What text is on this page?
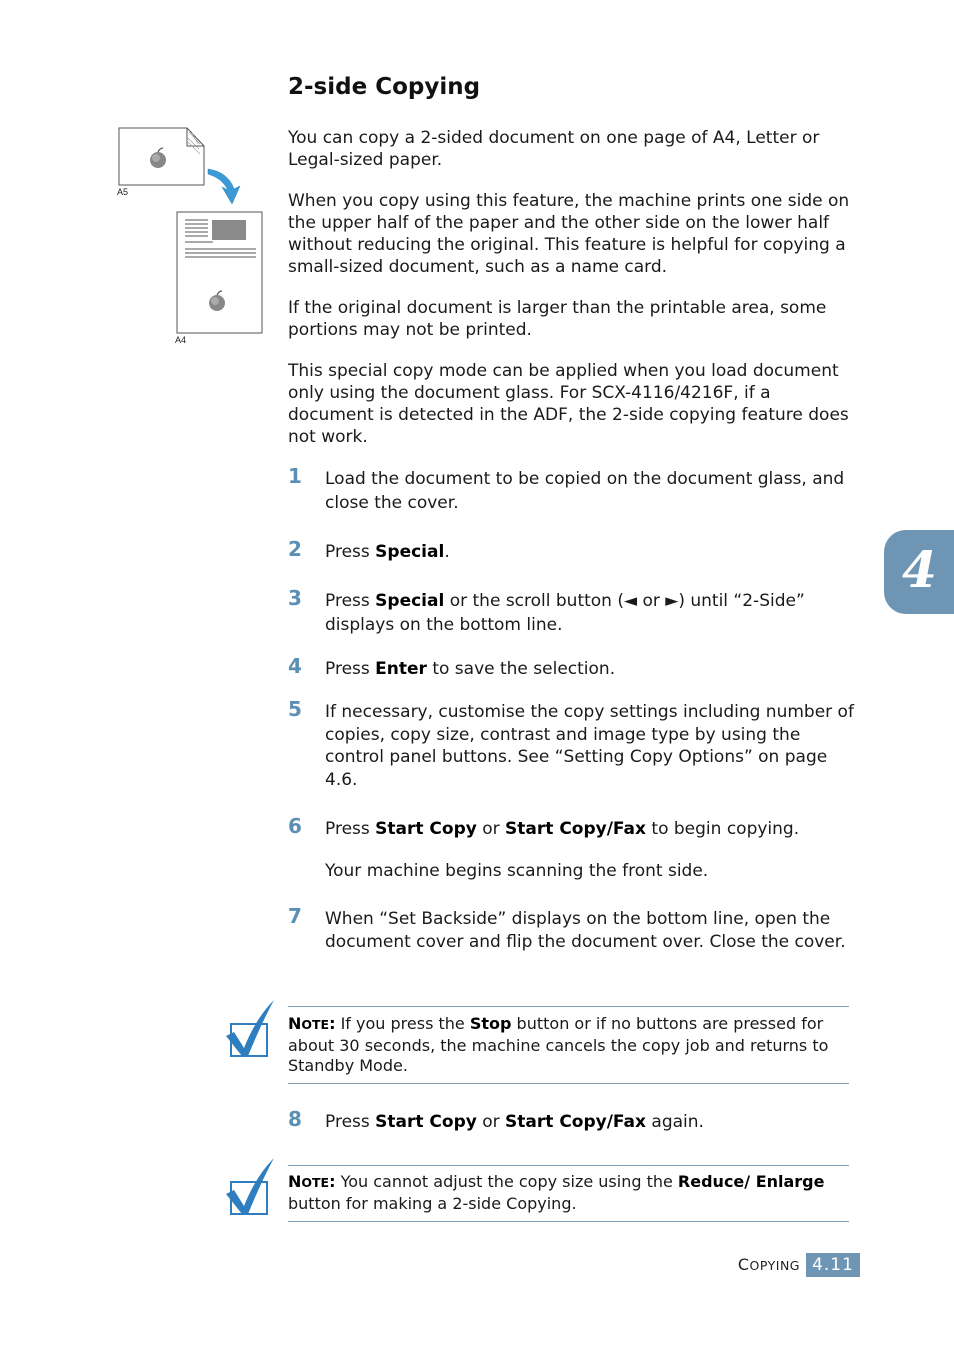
2-side Copying
A5
A4

You can copy a 2-sided document on one page of A4, Letter or Legal-sized paper.

When you copy using this feature, the machine prints one side on the upper half of the paper and the other side on the lower half without reducing the original. This feature is helpful for copying a small-sized document, such as a name card.

If the original document is larger than the printable area, some portions may not be printed.

This special copy mode can be applied when you load document only using the document glass. For SCX-4116/4216F, if a document is detected in the ADF, the 2-side copying feature does not work.

1 Load the document to be copied on the document glass, and close the cover.

2 Press Special.

3 Press Special or the scroll button (◄ or ►) until “2-Side” displays on the bottom line.

4 Press Enter to save the selection.

5 If necessary, customise the copy settings including number of copies, copy size, contrast and image type by using the control panel buttons. See “Setting Copy Options” on page 4.6.

6 Press Start Copy or Start Copy/Fax to begin copying.

Your machine begins scanning the front side.

7 When “Set Backside” displays on the bottom line, open the document cover and flip the document over. Close the cover.

NOTE: If you press the Stop button or if no buttons are pressed for about 30 seconds, the machine cancels the copy job and returns to Standby Mode.

8 Press Start Copy or Start Copy/Fax again.

NOTE: You cannot adjust the copy size using the Reduce/ Enlarge button for making a 2-side Copying.

4
COPYING 4.11
